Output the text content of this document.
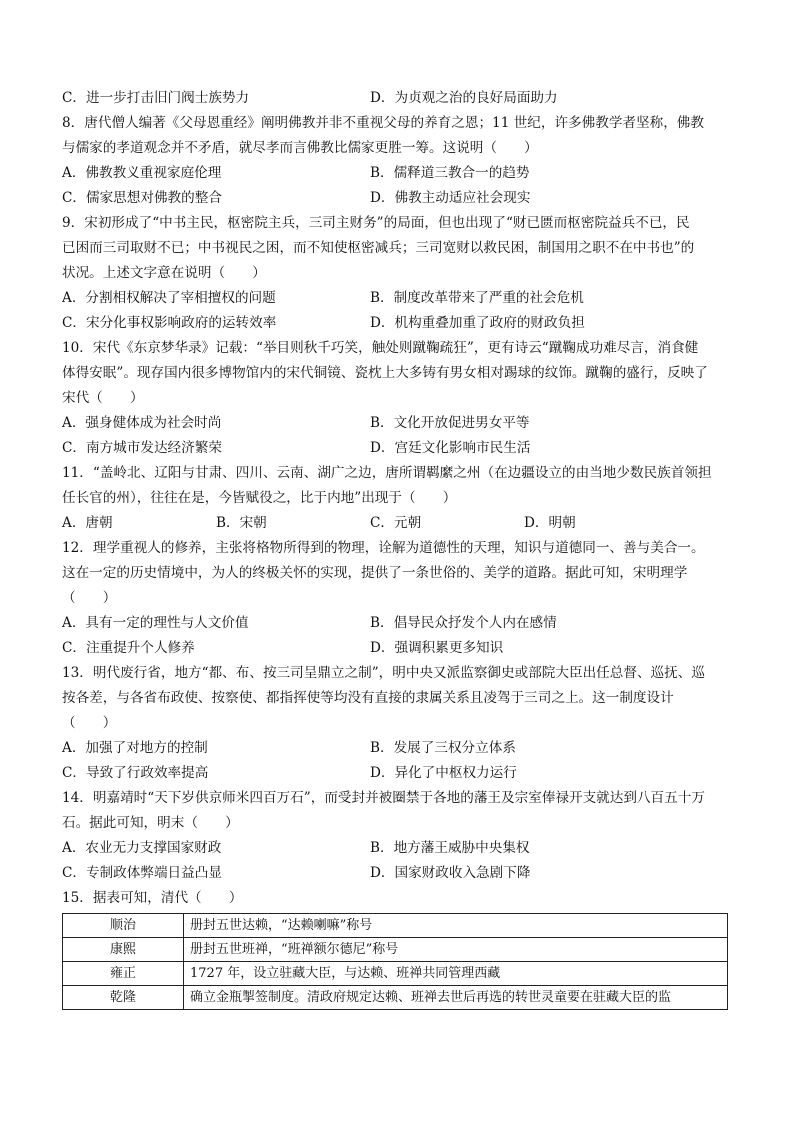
C．进一步打击旧门阀士族势力	D．为贞观之治的良好局面助力

8．唐代僧人编著《父母恩重经》阐明佛教并非不重视父母的养育之恩；11 世纪，许多佛教学者坚称，佛教

与儒家的孝道观念并不矛盾，就尽孝而言佛教比儒家更胜一筹。这说明（　　）

A．佛教教义重视家庭伦理	B．儒释道三教合一的趋势
C．儒家思想对佛教的整合	D．佛教主动适应社会现实

9．宋初形成了“中书主民，枢密院主兵，三司主财务”的局面，但也出现了“财已匮而枢密院益兵不已，民

已困而三司取财不已；中书视民之困，而不知使枢密减兵；三司宽财以救民困，制国用之职不在中书也”的

状况。上述文字意在说明（　　）

A．分割相权解决了宰相擅权的问题	B．制度改革带来了严重的社会危机
C．宋分化事权影响政府的运转效率	D．机构重叠加重了政府的财政负担

10．宋代《东京梦华录》记载：“举目则秋千巧笑，触处则蹴鞠疏狂”，更有诗云“蹴鞠成功难尽言，消食健

体得安眠”。现存国内很多博物馆内的宋代铜镜、瓷枕上大多铸有男女相对踢球的纹饰。蹴鞠的盛行，反映了

宋代（　　）

A．强身健体成为社会时尚	B．文化开放促进男女平等
C．南方城市发达经济繁荣	D．宫廷文化影响市民生活

11．“盖岭北、辽阳与甘肃、四川、云南、湖广之边，唐所谓羁縻之州（在边疆设立的由当地少数民族首领担

任长官的州），往往在是，今皆赋役之，比于内地”出现于（　　）

A．唐朝	B．宋朝	C．元朝	D．明朝

12．理学重视人的修养，主张将格物所得到的物理，诠解为道德性的天理，知识与道德同一、善与美合一。

这在一定的历史情境中，为人的终极关怀的实现，提供了一条世俗的、美学的道路。据此可知，宋明理学

（　　）

A．具有一定的理性与人文价值	B．倡导民众抒发个人内在感情
C．注重提升个人修养	D．强调积累更多知识

13．明代废行省，地方“都、布、按三司呈鼎立之制”，明中央又派监察御史或部院大臣出任总督、巡抚、巡

按各差，与各省布政使、按察使、都指挥使等均没有直接的隶属关系且凌驾于三司之上。这一制度设计

（　　）

A．加强了对地方的控制	B．发展了三权分立体系
C．导致了行政效率提高	D．异化了中枢权力运行

14．明嘉靖时“天下岁供京师米四百万石”，而受封并被圈禁于各地的藩王及宗室俸禄开支就达到八百五十万

石。据此可知，明末（　　）

A．农业无力支撑国家财政	B．地方藩王威胁中央集权
C．专制政体弊端日益凸显	D．国家财政收入急剧下降

15．据表可知，清代（　　）

顺治	册封五世达赖，“达赖喇嘛”称号
康熙	册封五世班禅，“班禅额尔德尼”称号
雍正	1727 年，设立驻藏大臣，与达赖、班禅共同管理西藏
乾隆	确立金瓶掣签制度。清政府规定达赖、班禅去世后再选的转世灵童要在驻藏大臣的监
